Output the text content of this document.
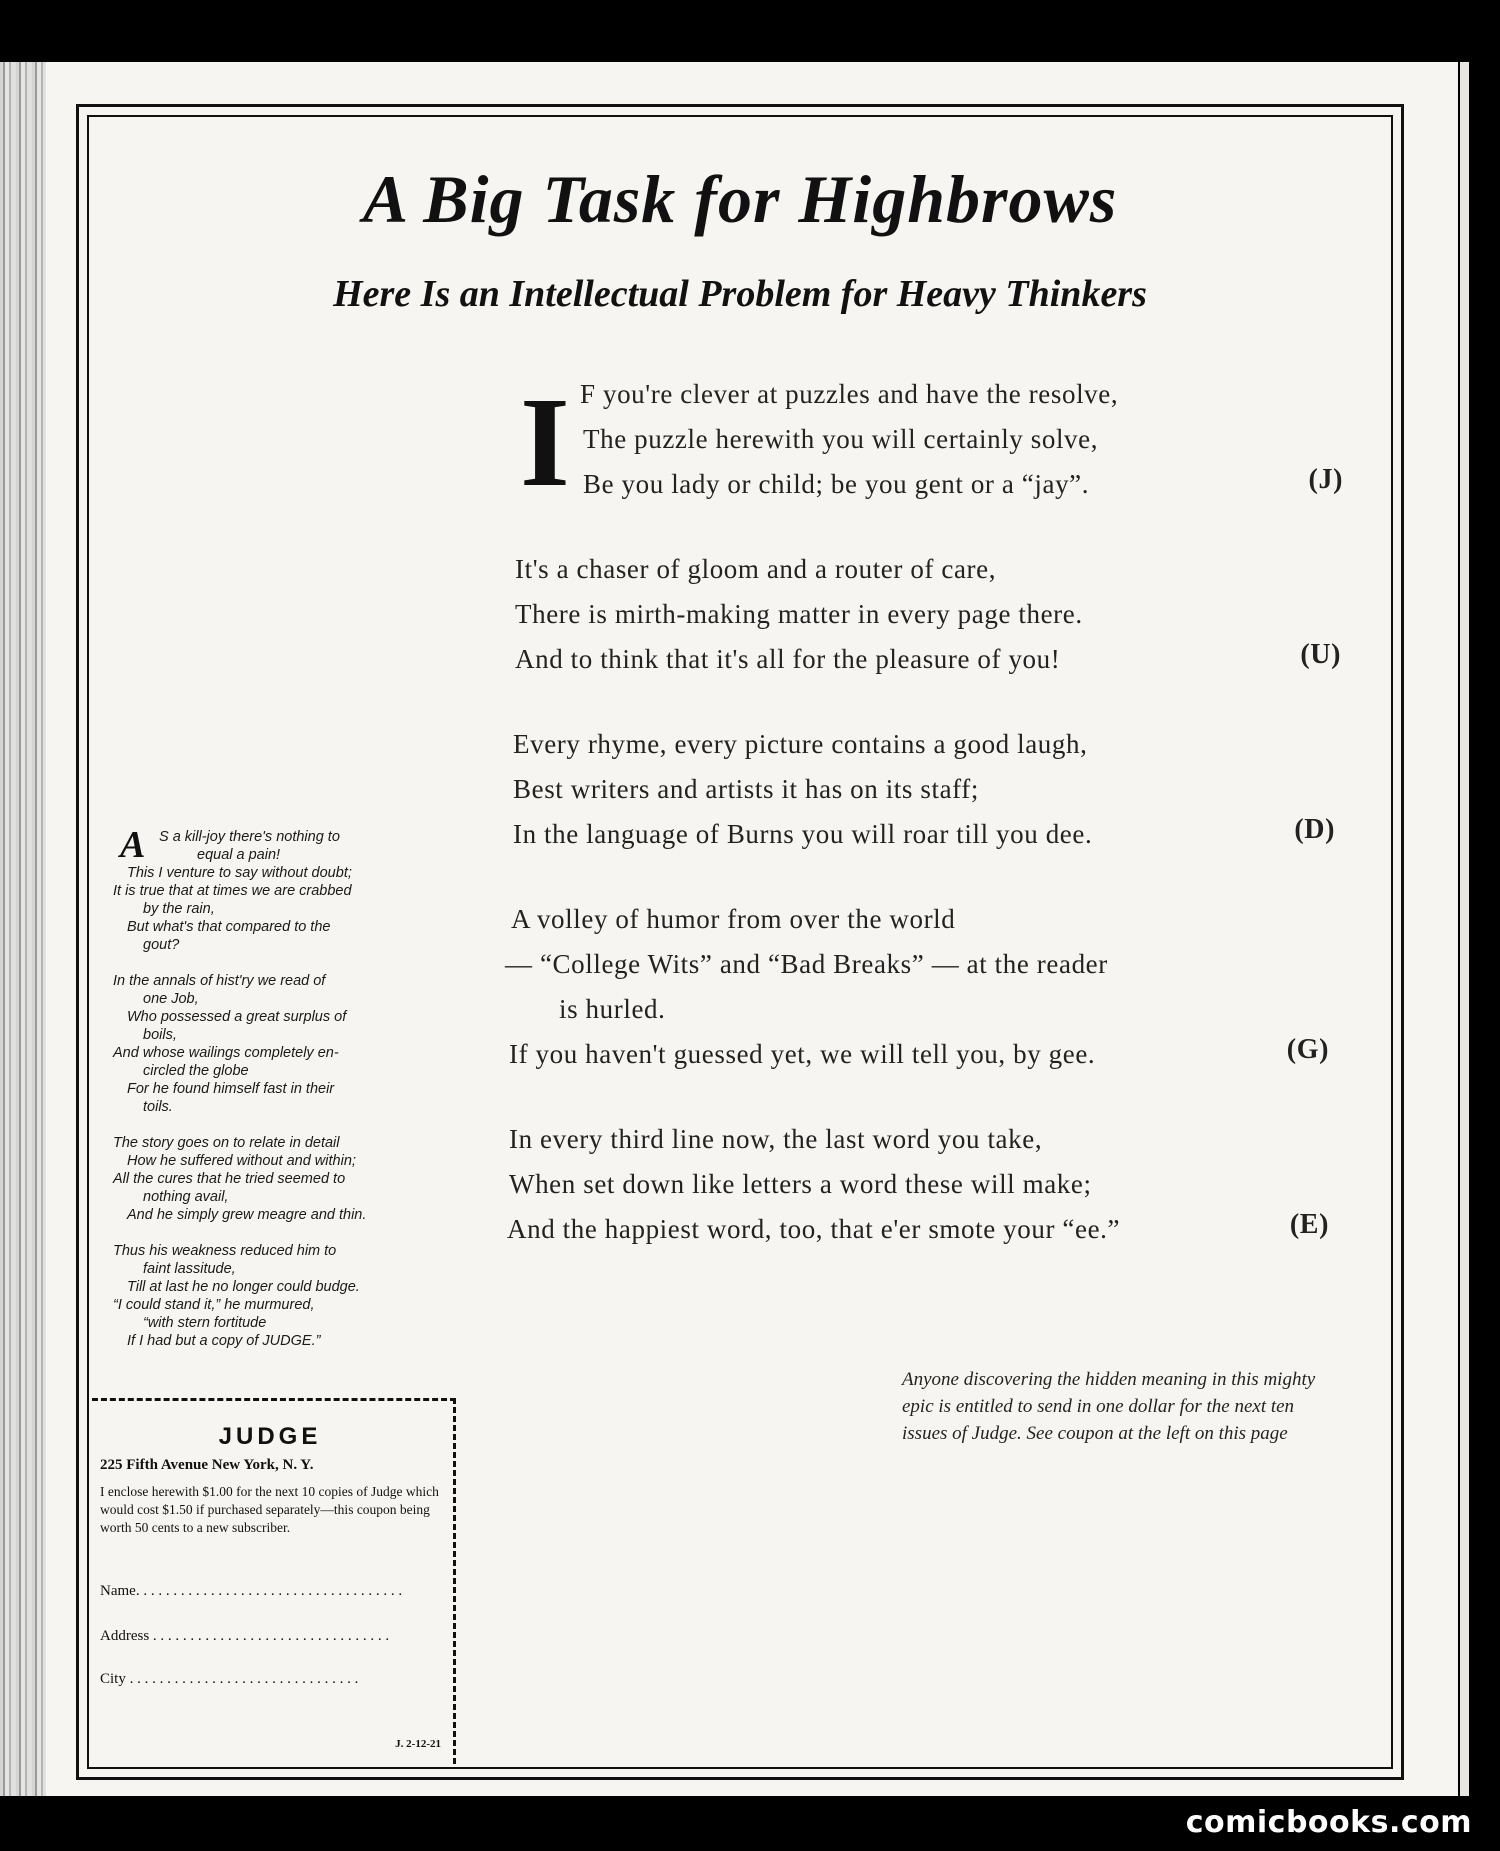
A Big Task for Highbrows
Here Is an Intellectual Problem for Heavy Thinkers
I F you're clever at puzzles and have the resolve,
The puzzle herewith you will certainly solve,
Be you lady or child; be you gent or a “jay”.	(J)
It's a chaser of gloom and a router of care,
There is mirth-making matter in every page there.
And to think that it's all for the pleasure of you!	(U)
Every rhyme, every picture contains a good laugh,
Best writers and artists it has on its staff;
In the language of Burns you will roar till you dee.	(D)
A volley of humor from over the world
— “College Wits” and “Bad Breaks” — at the reader
is hurled.
If you haven't guessed yet, we will tell you, by gee.	(G)
In every third line now, the last word you take,
When set down like letters a word these will make;
And the happiest word, too, that e'er smote your “ee.”	(E)
A S a kill-joy there's nothing to
equal a pain!
This I venture to say without doubt;
It is true that at times we are crabbed
by the rain,
But what's that compared to the
gout?
In the annals of hist'ry we read of
one Job,
Who possessed a great surplus of
boils,
And whose wailings completely en-
circled the globe
For he found himself fast in their
toils.
The story goes on to relate in detail
How he suffered without and within;
All the cures that he tried seemed to
nothing avail,
And he simply grew meagre and thin.
Thus his weakness reduced him to
faint lassitude,
Till at last he no longer could budge.
“I could stand it,” he murmured,
“with stern fortitude
If I had but a copy of JUDGE.”
JUDGE
225 Fifth Avenue New York, N. Y.
I enclose herewith $1.00 for the next 10 copies of Judge which would cost $1.50 if purchased separately—this coupon being worth 50 cents to a new subscriber.
Name. . . . . . . . . . . . . . . . . . . . . . . . . . . . . . . . . . . .
Address . . . . . . . . . . . . . . . . . . . . . . . . . . . . . . . .
City . . . . . . . . . . . . . . . . . . . . . . . . . . . . . . .
J. 2-12-21
Anyone discovering the hidden meaning in this mighty epic is entitled to send in one dollar for the next ten issues of Judge. See coupon at the left on this page
comicbooks.com
